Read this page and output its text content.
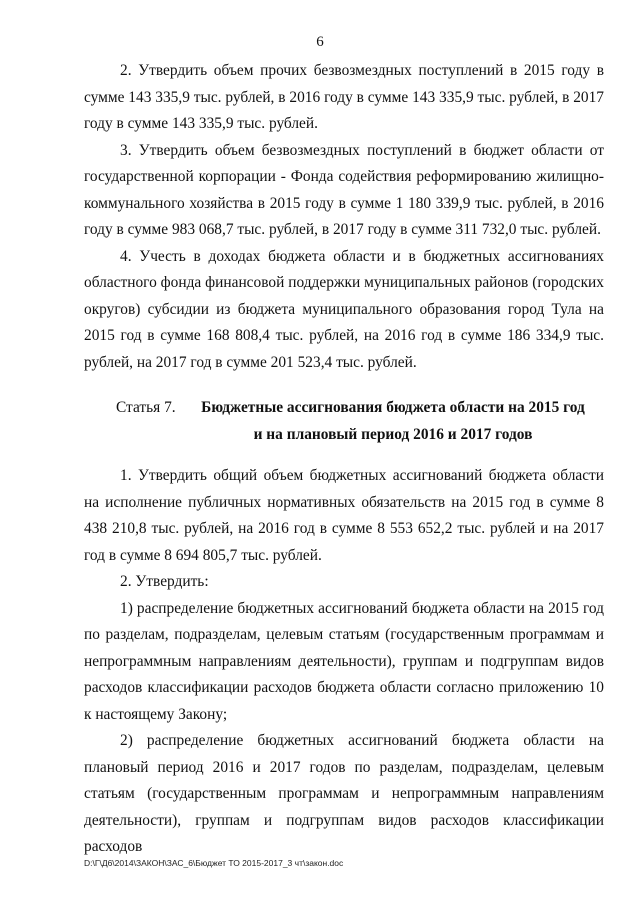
6

2. Утвердить объем прочих безвозмездных поступлений в 2015 году в сумме 143 335,9 тыс. рублей, в 2016 году в сумме 143 335,9 тыс. рублей, в 2017 году в сумме 143 335,9 тыс. рублей.

3. Утвердить объем безвозмездных поступлений в бюджет области от государственной корпорации - Фонда содействия реформированию жилищно-коммунального хозяйства в 2015 году в сумме 1 180 339,9 тыс. рублей, в 2016 году в сумме 983 068,7 тыс. рублей, в 2017 году в сумме 311 732,0 тыс. рублей.

4. Учесть в доходах бюджета области и в бюджетных ассигнованиях областного фонда финансовой поддержки муниципальных районов (городских округов) субсидии из бюджета муниципального образования город Тула на 2015 год в сумме 168 808,4 тыс. рублей, на 2016 год в сумме 186 334,9 тыс. рублей, на 2017 год в сумме 201 523,4 тыс. рублей.

Статья 7. Бюджетные ассигнования бюджета области на 2015 год
и на плановый период 2016 и 2017 годов

1. Утвердить общий объем бюджетных ассигнований бюджета области на исполнение публичных нормативных обязательств на 2015 год в сумме 8 438 210,8 тыс. рублей, на 2016 год в сумме 8 553 652,2 тыс. рублей и на 2017 год в сумме 8 694 805,7 тыс. рублей.

2. Утвердить:

1) распределение бюджетных ассигнований бюджета области на 2015 год по разделам, подразделам, целевым статьям (государственным программам и непрограммным направлениям деятельности), группам и подгруппам видов расходов классификации расходов бюджета области согласно приложению 10 к настоящему Закону;

2) распределение бюджетных ассигнований бюджета области на плановый период 2016 и 2017 годов по разделам, подразделам, целевым статьям (государственным программам и непрограммным направлениям деятельности), группам и подгруппам видов расходов классификации расходов

D:\Г\Д6\2014\ЗАКОН\ЗАС_6\Бюджет ТО 2015-2017_3 чт\закон.doc
